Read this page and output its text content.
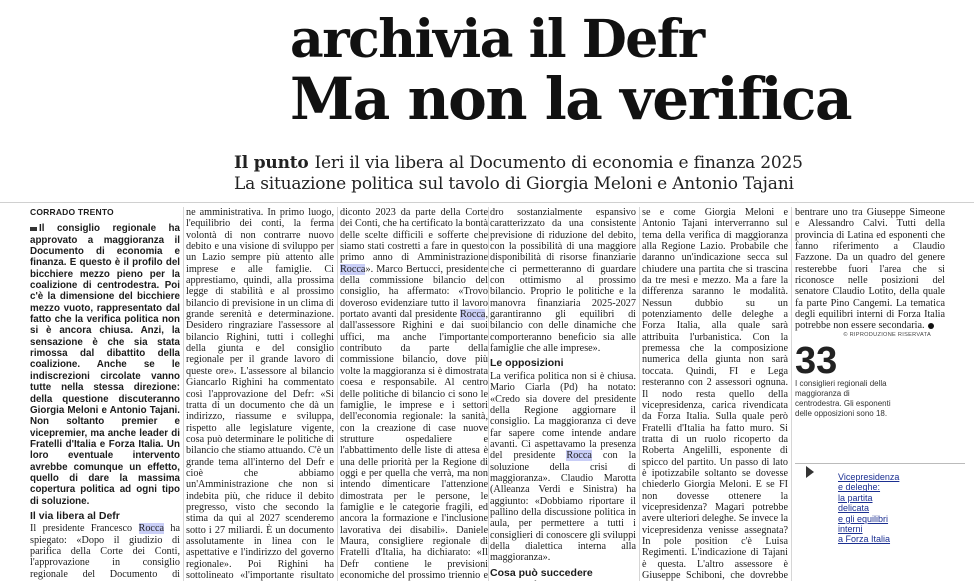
archivia il Defr
Ma non la verifica
Il punto Ieri il via libera al Documento di economia e finanza 2025
La situazione politica sul tavolo di Giorgia Meloni e Antonio Tajani
CORRADO TRENTO

Il consiglio regionale ha approvato a maggioranza il Documento di economia e finanza. E questo è il profilo del bicchiere mezzo pieno per la coalizione di centrodestra. Poi c'è la dimensione del bicchiere mezzo vuoto, rappresentato dal fatto che la verifica politica non si è ancora chiusa. Anzi, la sensazione è che sia stata rimossa dal dibattito della coalizione. Anche se le indiscrezioni circolate vanno tutte nella stessa direzione: della questione discuteranno Giorgia Meloni e Antonio Tajani. Non soltanto premier e vicepremier, ma anche leader di Fratelli d'Italia e Forza Italia. Un loro eventuale intervento avrebbe comunque un effetto, quello di dare la massima copertura politica ad ogni tipo di soluzione.

Il via libera al Defr

Il presidente Francesco Rocca ha spiegato: «Dopo il giudizio di parifica della Corte dei Conti, l'approvazione in consiglio regionale del Documento di

ne amministrativa. In primo luogo, l'equilibrio dei conti, la ferma volontà di non contrarre nuovo debito e una visione di sviluppo per un Lazio sempre più attento alle imprese e alle famiglie. Ci apprestiamo, quindi, alla prossima legge di stabilità e al prossimo bilancio di previsione in un clima di grande serenità e determinazione. Desidero ringraziare l'assessore al bilancio Righini, tutti i colleghi della giunta e del consiglio regionale per il grande lavoro di queste ore». L'assessore al bilancio Giancarlo Righini ha commentato così l'approvazione del Defr: «Si tratta di un documento che dà un indirizzo, riassume e sviluppa, rispetto alle legislature vigente, cosa può determinare le politiche di bilancio che stiamo attuando. C'è un grande tema all'interno del Defr e cioè che abbiamo un'Amministrazione che non si indebita più, che riduce il debito pregresso, visto che secondo la stima da qui al 2027 scenderemo sotto i 27 miliardi. È un documento assolutamente in linea con le aspettative e l'indirizzo del governo regionale». Poi Righini ha sottolineato «l'importante risultato

diconto 2023 da parte della Corte dei Conti, che ha certificato la bontà delle scelte difficili e sofferte che siamo stati costretti a fare in questo primo anno di Amministrazione Rocca». Marco Bertucci, presidente della commissione bilancio del consiglio, ha affermato: «Trovo doveroso evidenziare tutto il lavoro portato avanti dal presidente Rocca, dall'assessore Righini e dai suoi uffici, ma anche l'importante contributo da parte della commissione bilancio, dove più volte la maggioranza si è dimostrata coesa e responsabile. Al centro delle politiche di bilancio ci sono le famiglie, le imprese e i settori dell'economia regionale: la sanità, con la creazione di case nuove strutture ospedaliere e l'abbattimento delle liste di attesa è una delle priorità per la Regione di oggi e per quella che verrà, ma non intendo dimenticare l'attenzione dimostrata per le persone, le famiglie e le categorie fragili, ed ancora la formazione e l'inclusione lavorativa dei disabili». Daniele Maura, consigliere regionale di Fratelli d'Italia, ha dichiarato: «Il Defr contiene le previsioni economiche del prossimo triennio e

dro sostanzialmente espansivo caratterizzato da una consistente previsione di riduzione del debito, con la possibilità di una maggiore disponibilità di risorse finanziarie che ci permetteranno di guardare con ottimismo al prossimo bilancio. Proprio le politiche e la manovra finanziaria 2025-2027 garantiranno gli equilibri di bilancio con delle dinamiche che comporteranno beneficio sia alle famiglie che alle imprese».

Le opposizioni

La verifica politica non si è chiusa. Mario Ciarla (Pd) ha notato: «Credo sia dovere del presidente della Regione aggiornare il consiglio. La maggioranza ci deve far sapere come intende andare avanti. Ci aspettavamo la presenza del presidente Rocca con la soluzione della crisi di maggioranza». Claudio Marotta (Alleanza Verdi e Sinistra) ha aggiunto: «Dobbiamo riportare il pallino della discussione politica in aula, per permettere a tutti i consiglieri di conoscere gli sviluppi della dialettica interna alla maggioranza».

Cosa può succedere

se e come Giorgia Meloni e Antonio Tajani interverranno sul tema della verifica di maggioranza alla Regione Lazio. Probabile che daranno un'indicazione secca sul chiudere una partita che si trascina da tre mesi e mezzo. Ma a fare la differenza saranno le modalità. Nessun dubbio su un potenziamento delle deleghe a Forza Italia, alla quale sarà attribuita l'urbanistica. Con la premessa che la composizione numerica della giunta non sarà toccata. Quindi, FI e Lega resteranno con 2 assessori ognuna. Il nodo resta quello della vicepresidenza, carica rivendicata da Forza Italia. Sulla quale però Fratelli d'Italia ha fatto muro. Si tratta di un ruolo ricoperto da Roberta Angelilli, esponente di spicco del partito. Un passo di lato è ipotizzabile soltanto se dovesse chiederlo Giorgia Meloni. E se FI non dovesse ottenere la vicepresidenza? Magari potrebbe avere ulteriori deleghe. Se invece la vicepresidenza venisse assegnata? In pole position c'è Luisa Regimenti. L'indicazione di Tajani è questa. L'altro assessore è Giuseppe Schiboni, che dovrebbe

bentrare uno tra Giuseppe Simeone e Alessandro Calvi. Tutti della provincia di Latina ed esponenti che fanno riferimento a Claudio Fazzone. Da un quadro del genere resterebbe fuori l'area che si riconosce nelle posizioni del senatore Claudio Lotito, della quale fa parte Pino Cangemi. La tematica degli equilibri interni di Forza Italia potrebbe non essere secondaria.

© RIPRODUZIONE RISERVATA
33
I consiglieri regionali della maggioranza di centrodestra. Gli esponenti delle opposizioni sono 18.
Vicepresidenza
e deleghe:
la partita
delicata
e gli equilibri
interni
a Forza Italia
